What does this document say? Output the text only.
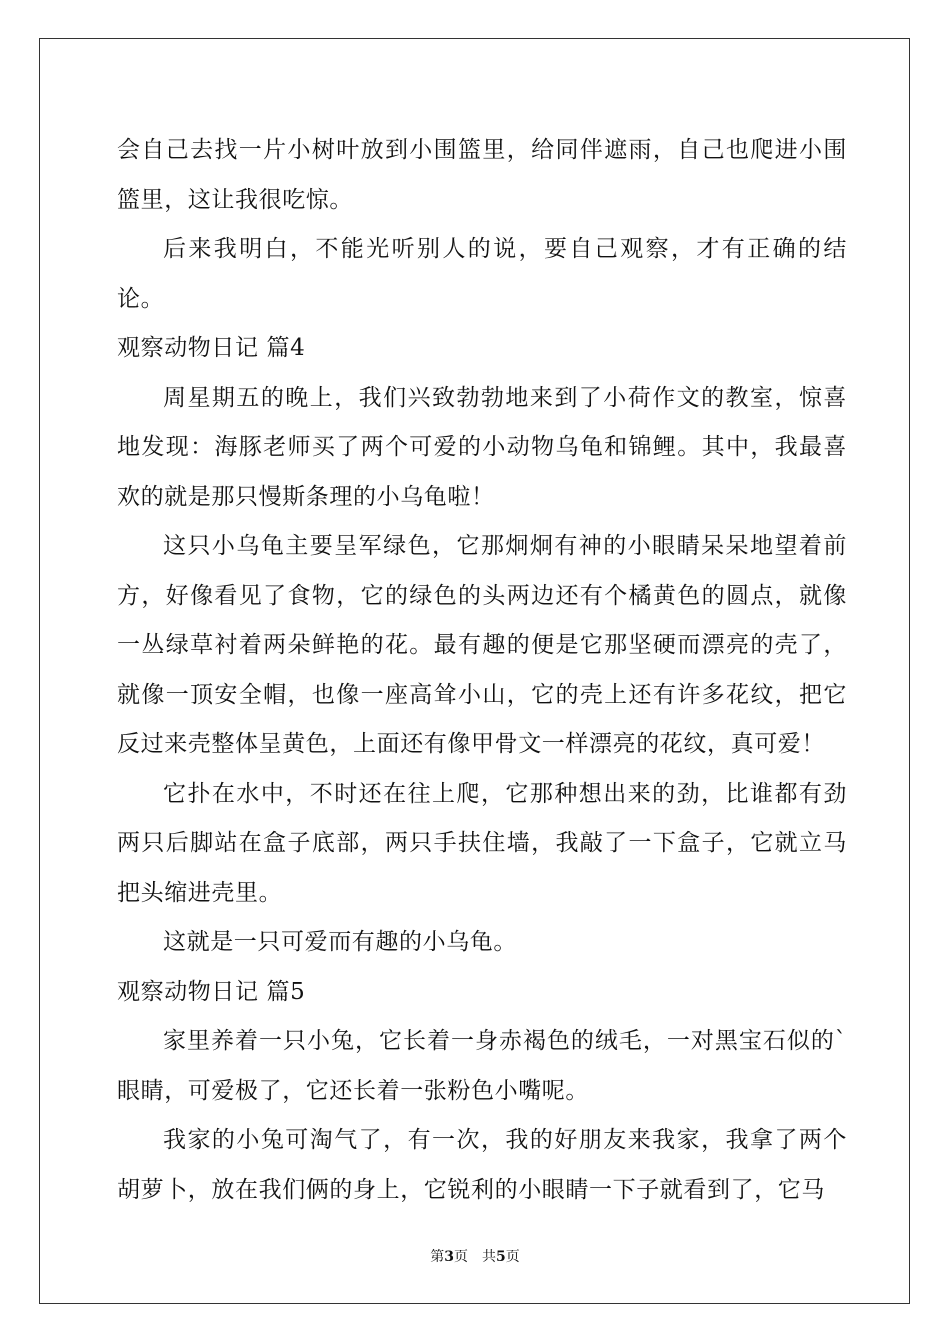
会自己去找一片小树叶放到小围篮里，给同伴遮雨，自己也爬进小围篮里，这让我很吃惊。

后来我明白，不能光听别人的说，要自己观察，才有正确的结论。

观察动物日记 篇4

周星期五的晚上，我们兴致勃勃地来到了小荷作文的教室，惊喜地发现：海豚老师买了两个可爱的小动物乌龟和锦鲤。其中，我最喜欢的就是那只慢斯条理的小乌龟啦！

这只小乌龟主要呈军绿色，它那炯炯有神的小眼睛呆呆地望着前方，好像看见了食物，它的绿色的头两边还有个橘黄色的圆点，就像一丛绿草衬着两朵鲜艳的花。最有趣的便是它那坚硬而漂亮的壳了，就像一顶安全帽，也像一座高耸小山，它的壳上还有许多花纹，把它反过来壳整体呈黄色，上面还有像甲骨文一样漂亮的花纹，真可爱！

它扑在水中，不时还在往上爬，它那种想出来的劲，比谁都有劲两只后脚站在盒子底部，两只手扶住墙，我敲了一下盒子，它就立马把头缩进壳里。

这就是一只可爱而有趣的小乌龟。

观察动物日记 篇5

家里养着一只小兔，它长着一身赤褐色的绒毛，一对黑宝石似的`眼睛，可爱极了，它还长着一张粉色小嘴呢。

我家的小兔可淘气了，有一次，我的好朋友来我家，我拿了两个胡萝卜，放在我们俩的身上，它锐利的小眼睛一下子就看到了，它马

第3页 共5页
